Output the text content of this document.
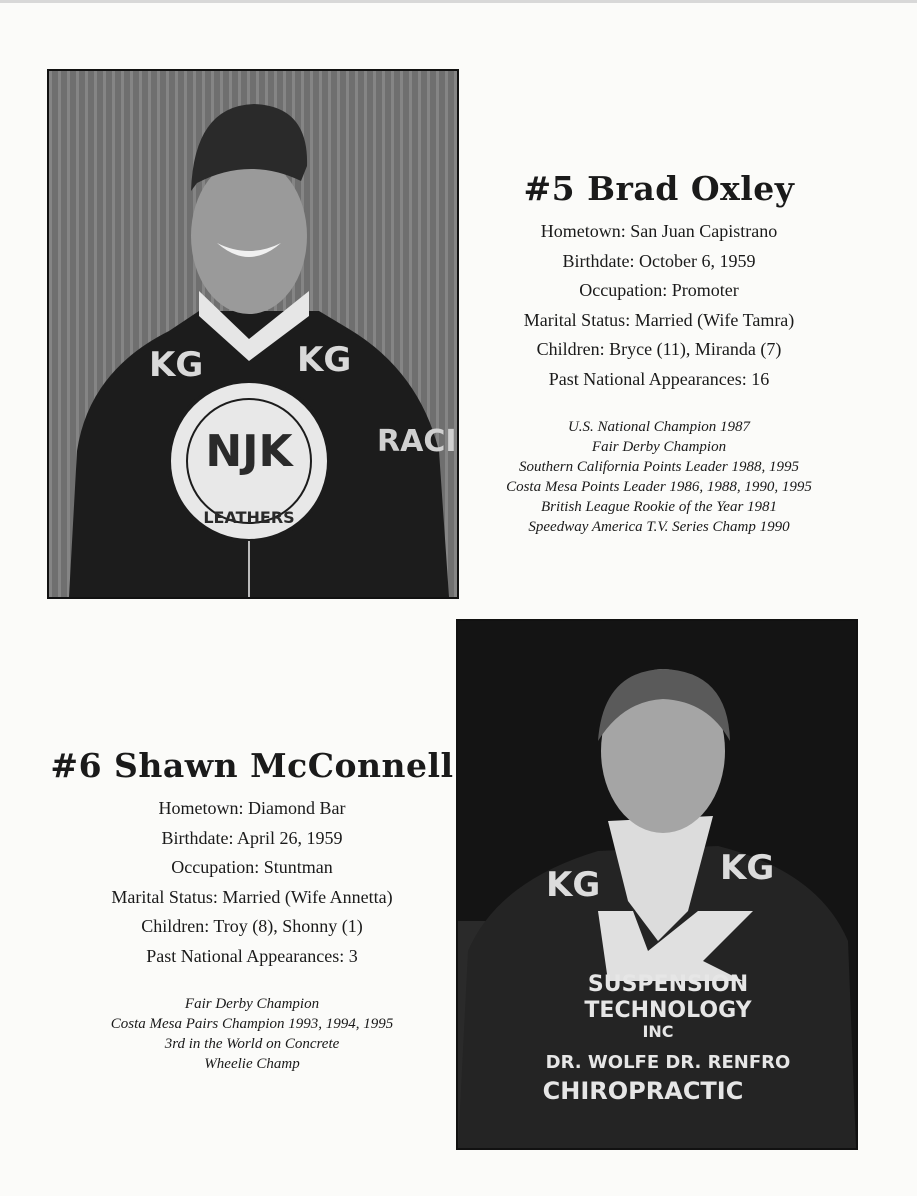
KG	KG
NJK
LEATHERS
RACI
#5 Brad Oxley
Hometown: San Juan Capistrano
Birthdate: October 6, 1959
Occupation: Promoter
Marital Status: Married (Wife Tamra)
Children: Bryce (11), Miranda (7)
Past National Appearances: 16
U.S. National Champion 1987
Fair Derby Champion
Southern California Points Leader 1988, 1995
Costa Mesa Points Leader 1986, 1988, 1990, 1995
British League Rookie of the Year 1981
Speedway America T.V. Series Champ 1990
#6 Shawn McConnell
Hometown: Diamond Bar
Birthdate: April 26, 1959
Occupation: Stuntman
Marital Status: Married (Wife Annetta)
Children: Troy (8), Shonny (1)
Past National Appearances: 3
Fair Derby Champion
Costa Mesa Pairs Champion 1993, 1994, 1995
3rd in the World on Concrete
Wheelie Champ
KG	KG
SUSPENSION
TECHNOLOGY
INC
DR. WOLFE DR. RENFRO
CHIROPRACTIC
